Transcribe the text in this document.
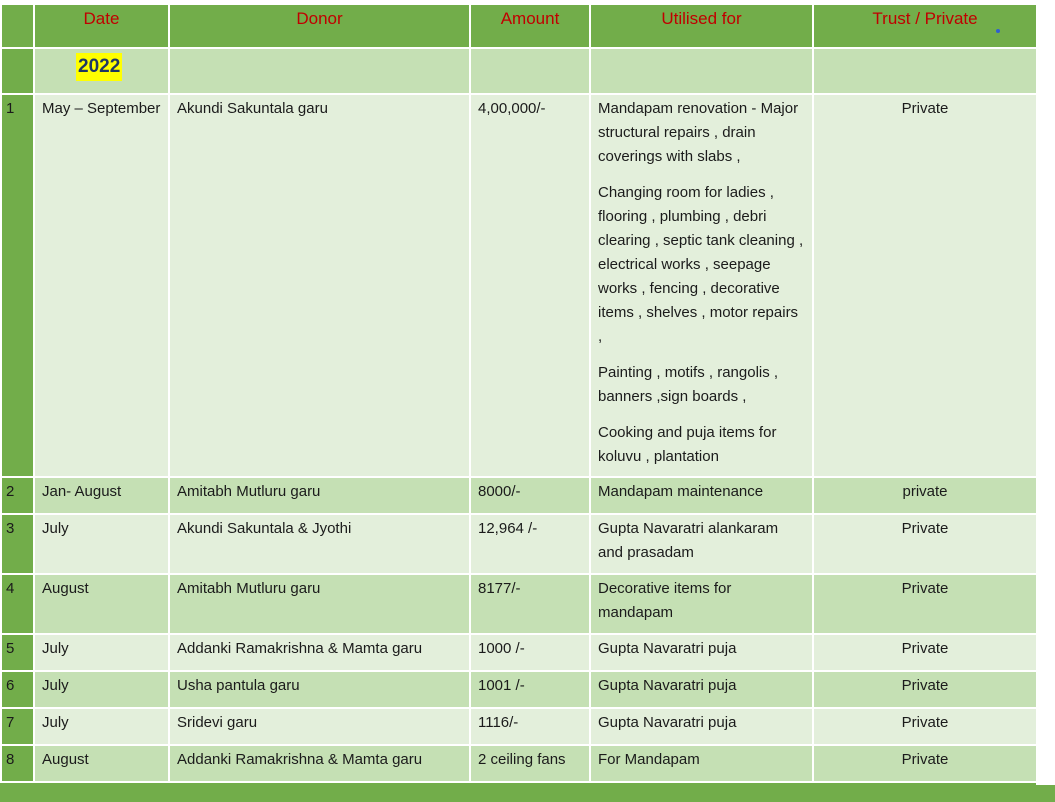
	Date	Donor	Amount	Utilised for	Trust / Private
	2022				
1	May – September	Akundi Sakuntala garu	4,00,000/-	Mandapam renovation - Major structural repairs , drain coverings with slabs ,
Changing room for ladies , flooring , plumbing , debri clearing , septic tank cleaning , electrical works , seepage works , fencing , decorative items , shelves , motor repairs ,
Painting , motifs , rangolis , banners ,sign boards ,
Cooking and puja items for koluvu , plantation	Private
2	Jan- August	Amitabh Mutluru garu	8000/-	Mandapam maintenance	private
3	July	Akundi Sakuntala & Jyothi	12,964 /-	Gupta Navaratri alankaram and prasadam	Private
4	August	Amitabh Mutluru garu	8177/-	Decorative items for mandapam	Private
5	July	Addanki Ramakrishna & Mamta garu	1000 /-	Gupta Navaratri puja	Private
6	July	Usha pantula garu	1001 /-	Gupta Navaratri puja	Private
7	July	Sridevi garu	1116/-	Gupta Navaratri puja	Private
8	August	Addanki Ramakrishna & Mamta garu	2 ceiling fans	For Mandapam	Private
